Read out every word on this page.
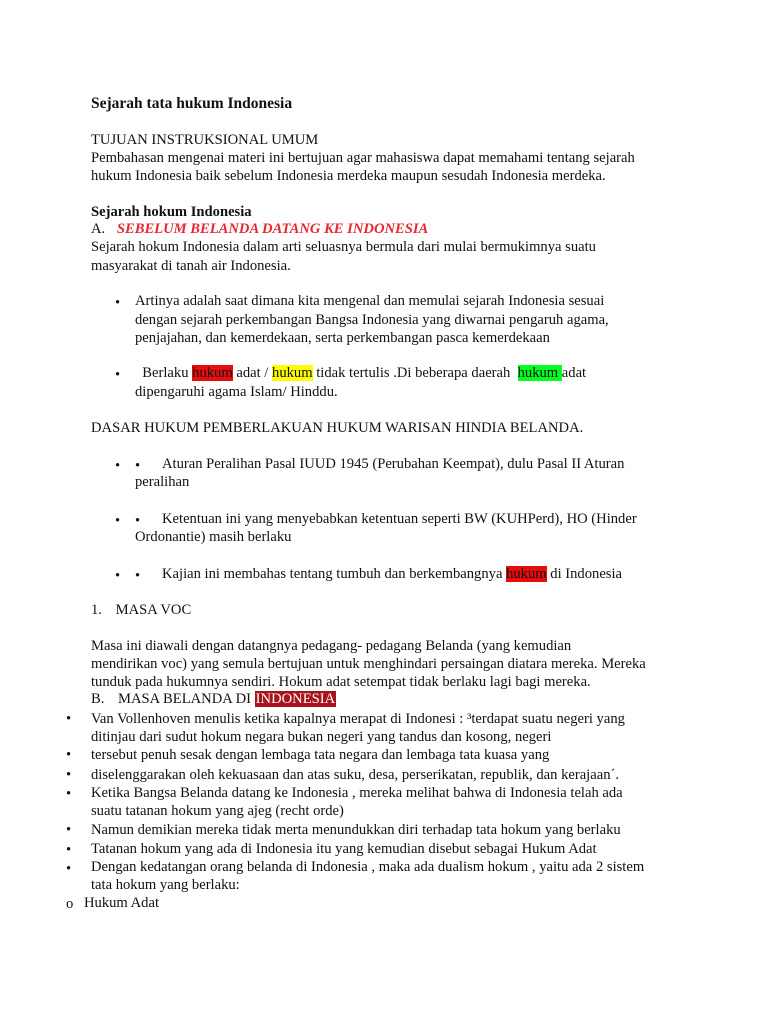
Sejarah tata hukum Indonesia
TUJUAN INSTRUKSIONAL UMUM
Pembahasan mengenai materi ini bertujuan agar mahasiswa dapat memahami tentang sejarah
hukum Indonesia baik sebelum Indonesia merdeka maupun sesudah Indonesia merdeka.
Sejarah hokum Indonesia
A. SEBELUM BELANDA DATANG KE INDONESIA
Sejarah hokum Indonesia dalam arti seluasnya bermula dari mulai bermukimnya suatu
masyarakat di tanah air Indonesia.
• Artinya adalah saat dimana kita mengenal dan memulai sejarah Indonesia sesuai
dengan sejarah perkembangan Bangsa Indonesia yang diwarnai pengaruh agama,
penjajahan, dan kemerdekaan, serta perkembangan pasca kemerdekaan
• Berlaku hukum adat / hukum tidak tertulis .Di beberapa daerah  hukum adat
dipengaruhi agama Islam/ Hinddu.
DASAR HUKUM PEMBERLAKUAN HUKUM WARISAN HINDIA BELANDA.
• • Aturan Peralihan Pasal IUUD 1945 (Perubahan Keempat), dulu Pasal II Aturan
peralihan
• • Ketentuan ini yang menyebabkan ketentuan seperti BW (KUHPerd), HO (Hinder
Ordonantie) masih berlaku
• • Kajian ini membahas tentang tumbuh dan berkembangnya hukum di Indonesia
1. MASA VOC
Masa ini diawali dengan datangnya pedagang- pedagang Belanda (yang kemudian
mendirikan voc) yang semula bertujuan untuk menghindari persaingan diatara mereka. Mereka
tunduk pada hukumnya sendiri. Hokum adat setempat tidak berlaku lagi bagi mereka.
B. MASA BELANDA DI INDONESIA
• Van Vollenhoven menulis ketika kapalnya merapat di Indonesi : ³terdapat suatu negeri yang
ditinjau dari sudut hokum negara bukan negeri yang tandus dan kosong, negeri
• tersebut penuh sesak dengan lembaga tata negara dan lembaga tata kuasa yang
• diselenggarakan oleh kekuasaan dan atas suku, desa, perserikatan, republik, dan kerajaan´.
• Ketika Bangsa Belanda datang ke Indonesia , mereka melihat bahwa di Indonesia telah ada
suatu tatanan hokum yang ajeg (recht orde)
• Namun demikian mereka tidak merta menundukkan diri terhadap tata hokum yang berlaku
• Tatanan hokum yang ada di Indonesia itu yang kemudian disebut sebagai Hukum Adat
• Dengan kedatangan orang belanda di Indonesia , maka ada dualism hokum , yaitu ada 2 sistem
tata hokum yang berlaku:
o Hukum Adat
